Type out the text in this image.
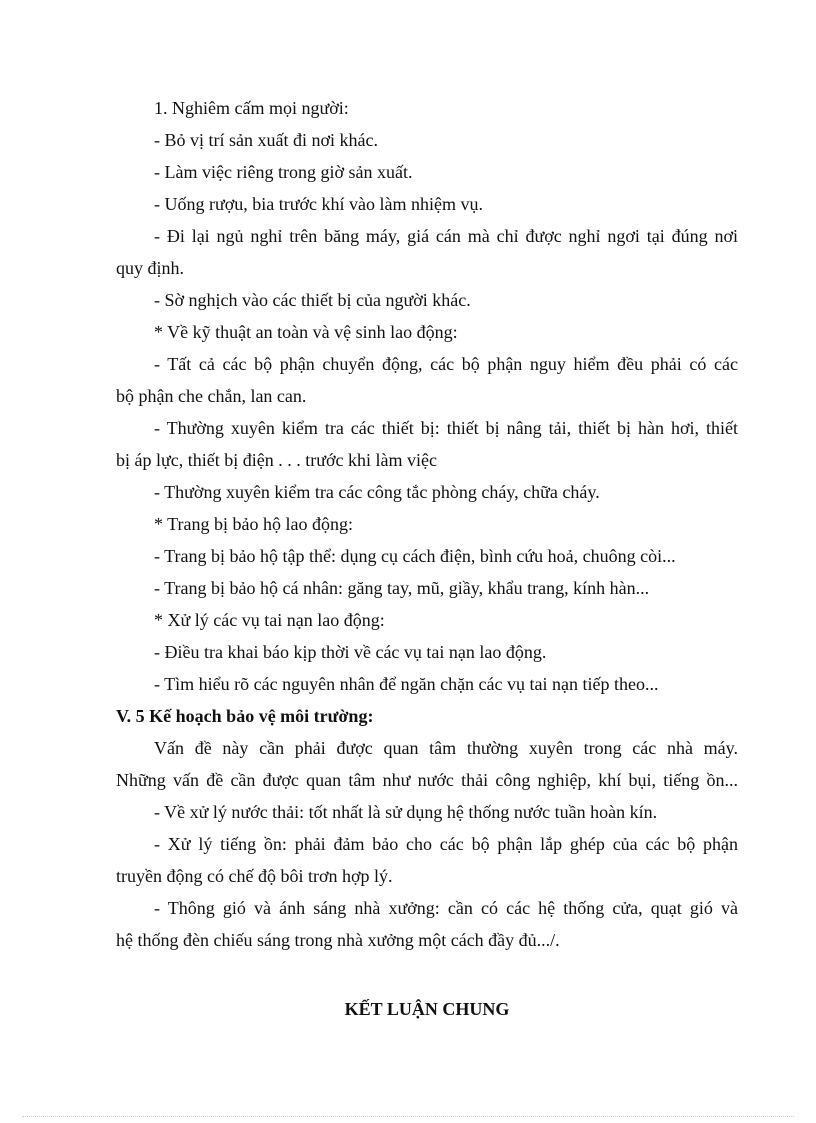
1. Nghiêm cấm mọi người:
- Bỏ vị trí sản xuất đi nơi khác.
- Làm việc riêng trong giờ sản xuất.
- Uống rượu, bia trước khí vào làm nhiệm vụ.
- Đi lại ngủ nghỉ trên băng máy, giá cán mà chỉ được nghỉ ngơi tại đúng nơi
quy định.
- Sờ nghịch vào các thiết bị của người khác.
* Về kỹ thuật an toàn và vệ sinh lao động:
- Tất cả các bộ phận chuyển động, các bộ phận nguy hiểm đều phải có các
bộ phận che chắn, lan can.
- Thường xuyên kiểm tra các thiết bị: thiết bị nâng tải, thiết bị hàn hơi, thiết
bị áp lực, thiết bị điện . . . trước khi làm việc
- Thường xuyên kiểm tra các công tắc phòng cháy, chữa cháy.
* Trang bị bảo hộ lao động:
- Trang bị bảo hộ tập thể: dụng cụ cách điện, bình cứu hoả, chuông còi...
- Trang bị bảo hộ cá nhân: găng tay, mũ, giầy, khẩu trang, kính hàn...
* Xử lý các vụ tai nạn lao động:
- Điều tra khai báo kịp thời về các vụ tai nạn lao động.
- Tìm hiểu rõ các nguyên nhân để ngăn chặn các vụ tai nạn tiếp theo...
V. 5 Kế hoạch bảo vệ môi trường:
Vấn đề này cần phải được quan tâm thường xuyên trong các nhà máy.
Những vấn đề cần được quan tâm như nước thải công nghiệp, khí bụi, tiếng ồn...
- Về xử lý nước thải: tốt nhất là sử dụng hệ thống nước tuần hoàn kín.
- Xử lý tiếng ồn: phải đảm bảo cho các bộ phận lắp ghép của các bộ phận
truyền động có chế độ bôi trơn hợp lý.
- Thông gió và ánh sáng nhà xưởng: cần có các hệ thống cửa, quạt gió và
hệ thống đèn chiếu sáng trong nhà xưởng một cách đầy đủ.../.
KẾT LUẬN CHUNG
